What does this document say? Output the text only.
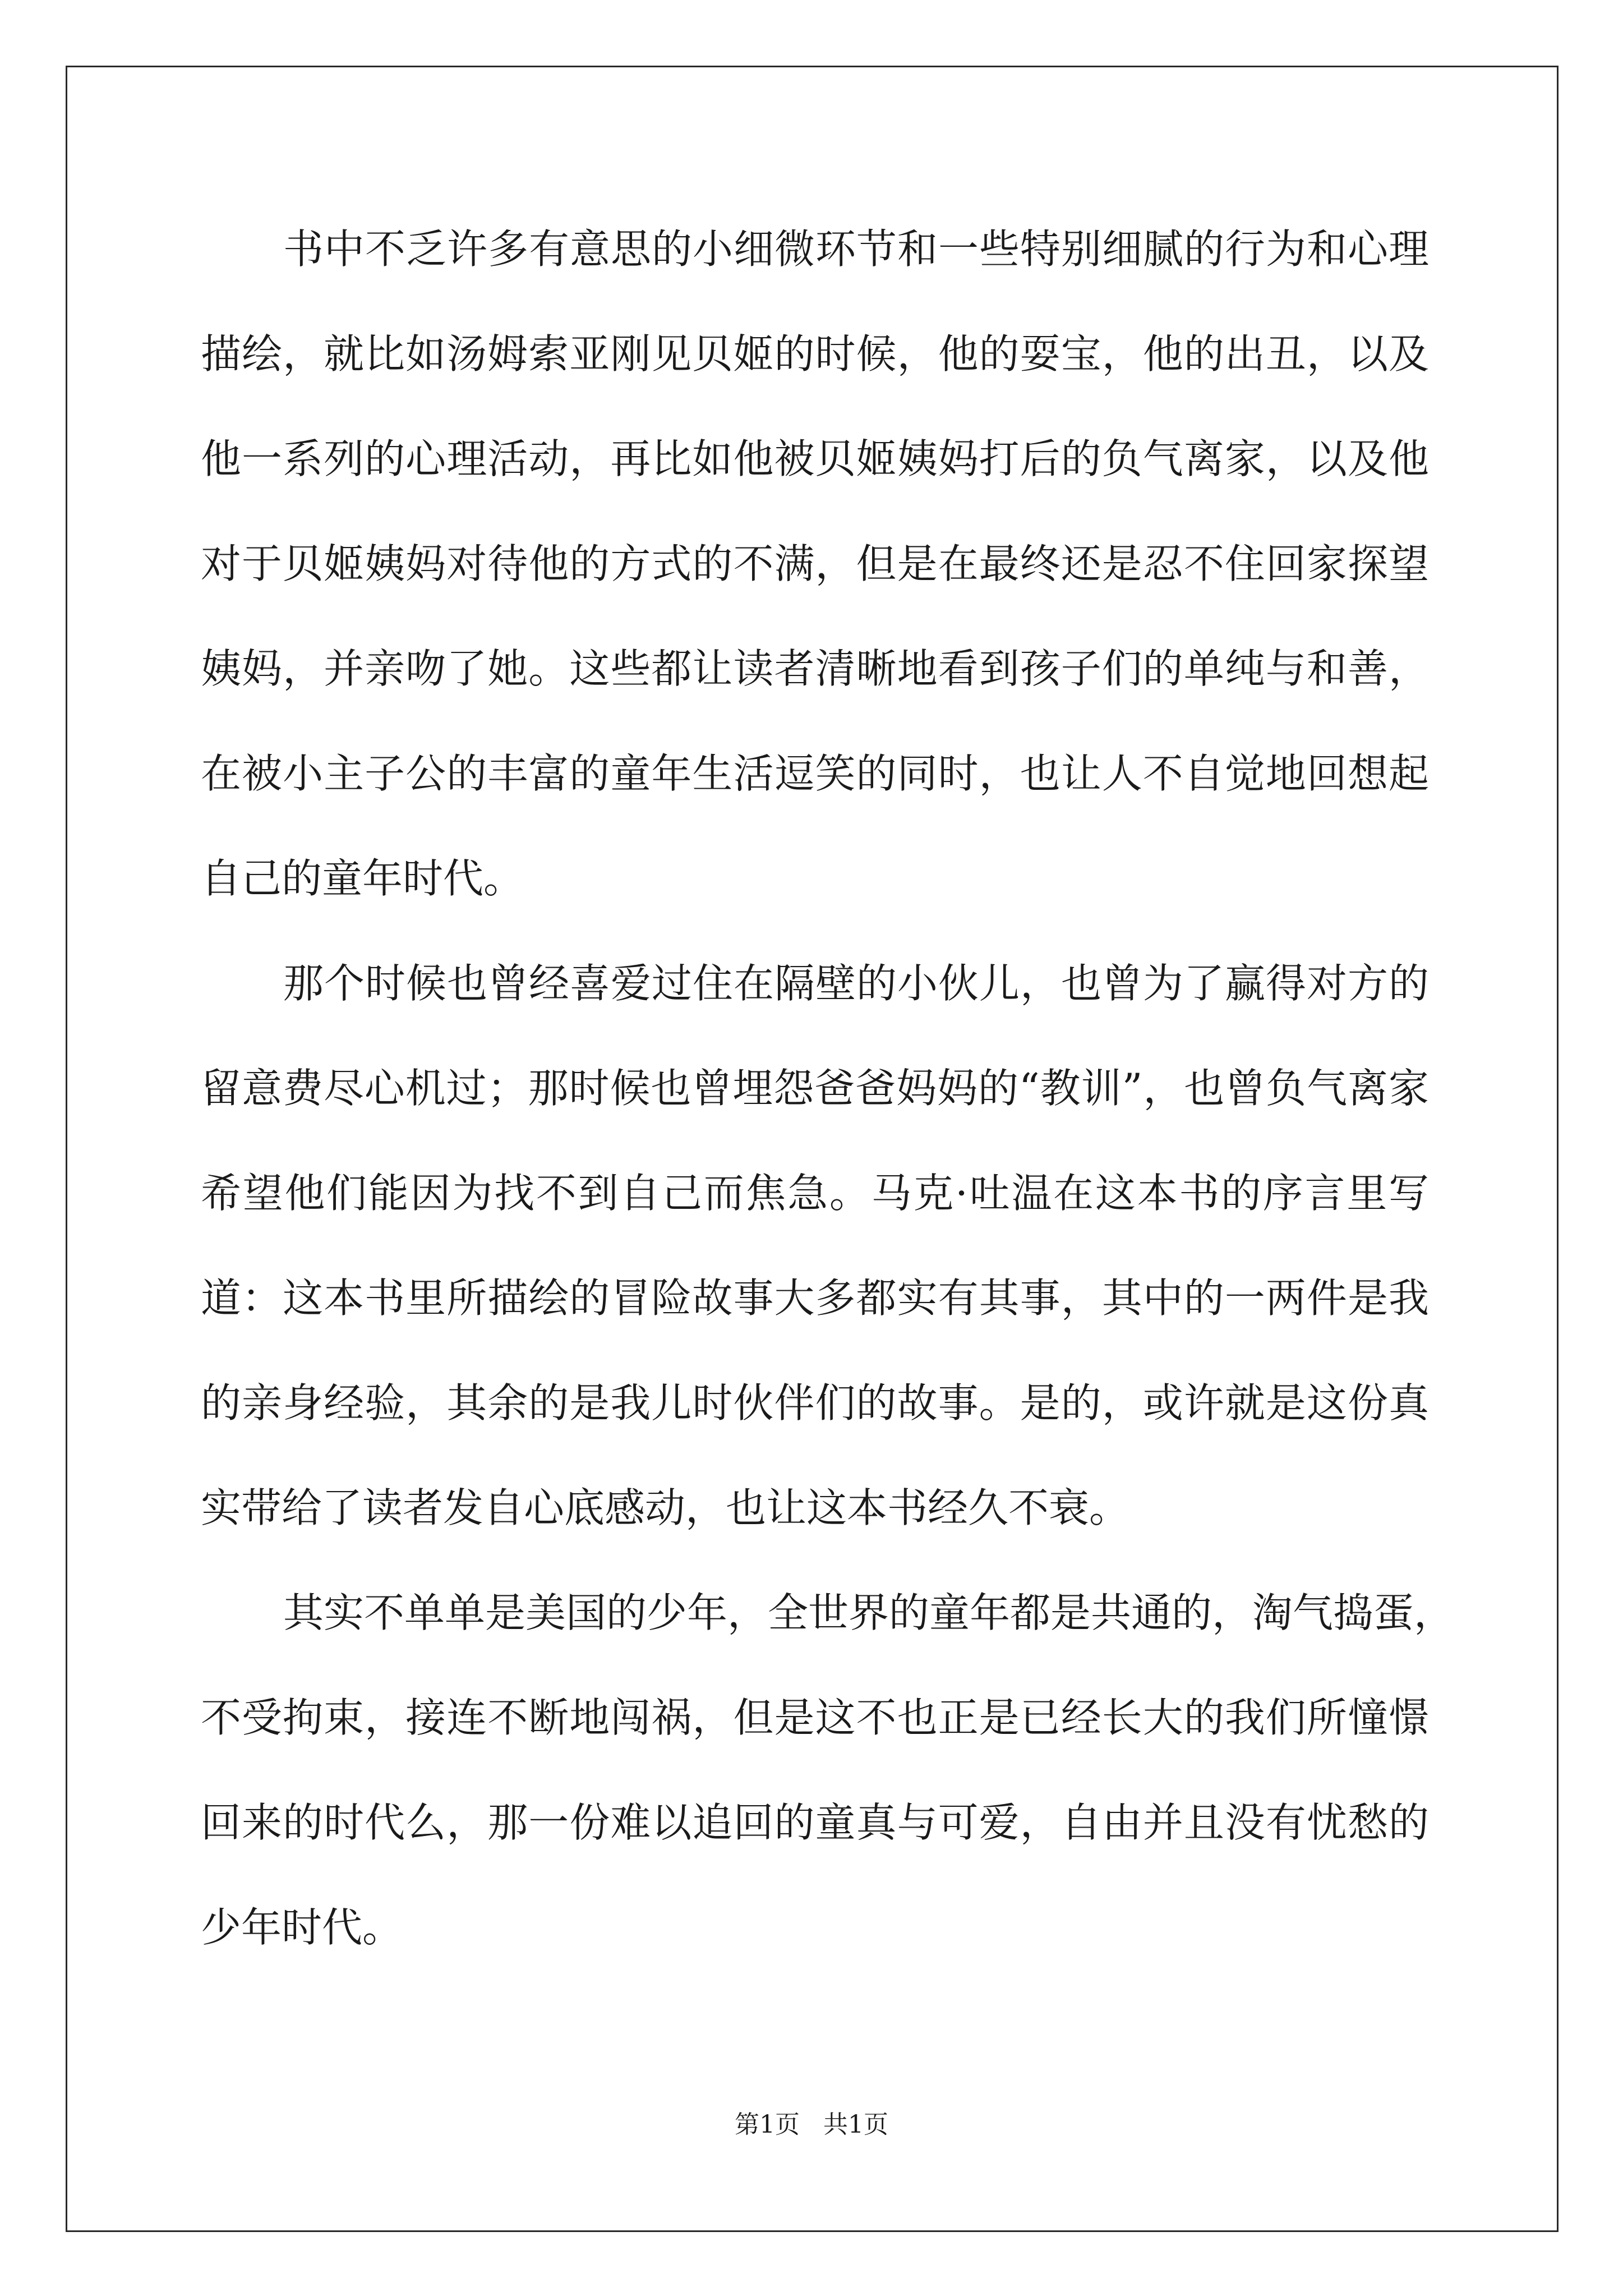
书中不乏许多有意思的小细微环节和一些特别细腻的行为和心理
描绘，就比如汤姆索亚刚见贝姬的时候，他的耍宝，他的出丑，以及
他一系列的心理活动，再比如他被贝姬姨妈打后的负气离家，以及他
对于贝姬姨妈对待他的方式的不满，但是在最终还是忍不住回家探望
姨妈，并亲吻了她。这些都让读者清晰地看到孩子们的单纯与和善，
在被小主子公的丰富的童年生活逗笑的同时，也让人不自觉地回想起
自己的童年时代。
那个时候也曾经喜爱过住在隔壁的小伙儿，也曾为了赢得对方的
留意费尽心机过；那时候也曾埋怨爸爸妈妈的“教训”，也曾负气离家
希望他们能因为找不到自己而焦急。马克·吐温在这本书的序言里写
道：这本书里所描绘的冒险故事大多都实有其事，其中的一两件是我
的亲身经验，其余的是我儿时伙伴们的故事。是的，或许就是这份真
实带给了读者发自心底感动，也让这本书经久不衰。
其实不单单是美国的少年，全世界的童年都是共通的，淘气捣蛋，
不受拘束，接连不断地闯祸，但是这不也正是已经长大的我们所憧憬
回来的时代么，那一份难以追回的童真与可爱，自由并且没有忧愁的
少年时代。
第1页   共1页
